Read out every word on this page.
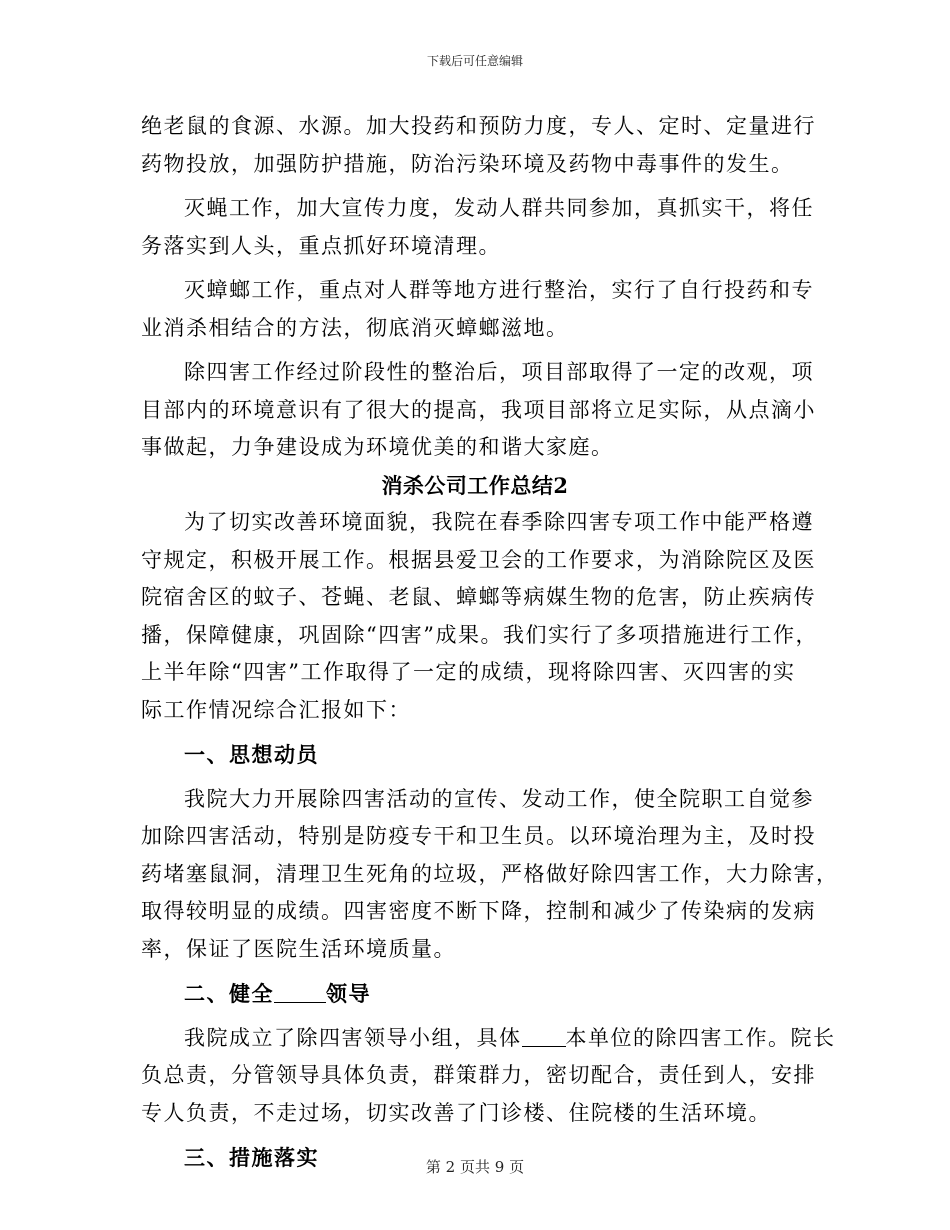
下载后可任意编辑
绝老鼠的食源、水源。加大投药和预防力度，专人、定时、定量进行
药物投放，加强防护措施，防治污染环境及药物中毒事件的发生。
灭蝇工作，加大宣传力度，发动人群共同参加，真抓实干，将任
务落实到人头，重点抓好环境清理。
灭蟑螂工作，重点对人群等地方进行整治，实行了自行投药和专
业消杀相结合的方法，彻底消灭蟑螂滋地。
除四害工作经过阶段性的整治后，项目部取得了一定的改观，项
目部内的环境意识有了很大的提高，我项目部将立足实际，从点滴小
事做起，力争建设成为环境优美的和谐大家庭。
消杀公司工作总结2
为了切实改善环境面貌，我院在春季除四害专项工作中能严格遵
守规定，积极开展工作。根据县爱卫会的工作要求，为消除院区及医
院宿舍区的蚊子、苍蝇、老鼠、蟑螂等病媒生物的危害，防止疾病传
播，保障健康，巩固除“四害”成果。我们实行了多项措施进行工作，
上半年除“四害”工作取得了一定的成绩，现将除四害、灭四害的实
际工作情况综合汇报如下：
一、思想动员
我院大力开展除四害活动的宣传、发动工作，使全院职工自觉参
加除四害活动，特别是防疫专干和卫生员。以环境治理为主，及时投
药堵塞鼠洞，清理卫生死角的垃圾，严格做好除四害工作，大力除害，
取得较明显的成绩。四害密度不断下降，控制和减少了传染病的发病
率，保证了医院生活环境质量。
二、健全 领导
我院成立了除四害领导小组，具体 本单位的除四害工作。院长
负总责，分管领导具体负责，群策群力，密切配合，责任到人，安排
专人负责，不走过场，切实改善了门诊楼、住院楼的生活环境。
三、措施落实	第 2 页共 9 页
